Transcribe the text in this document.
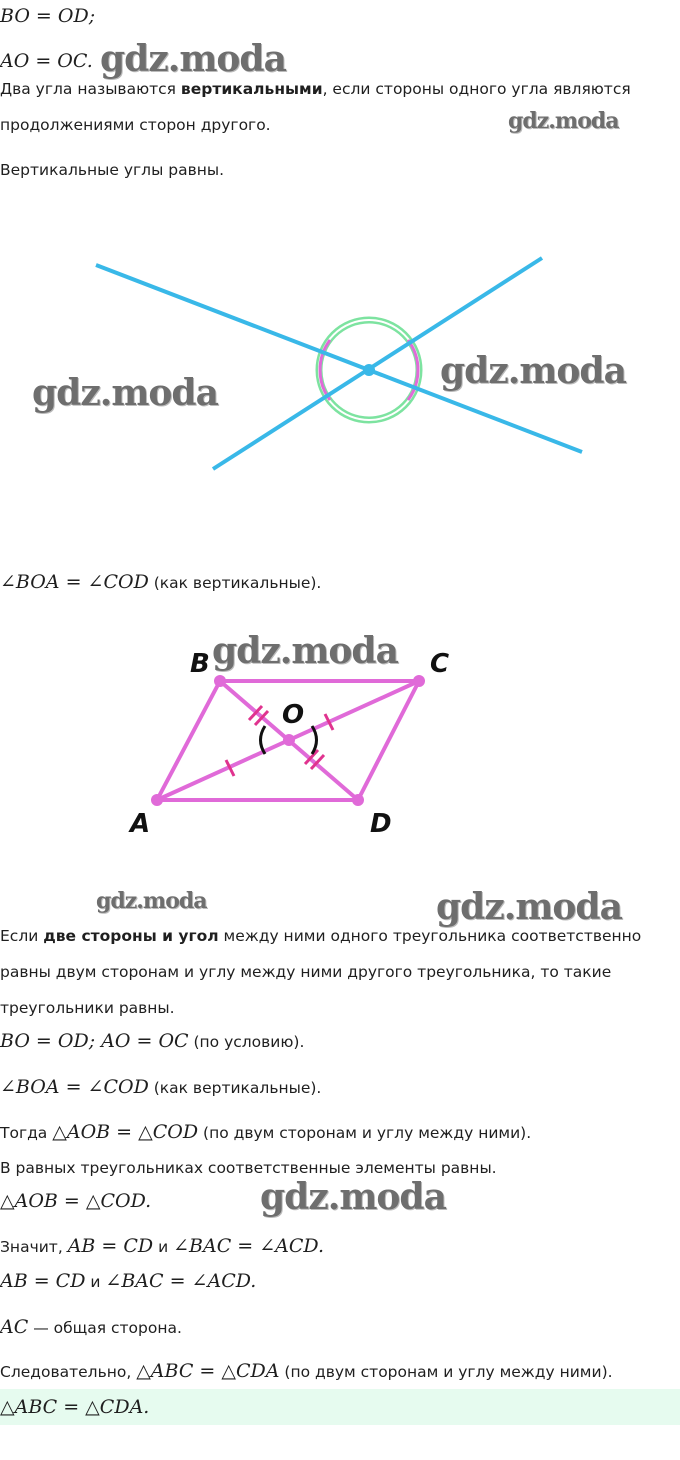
BO = OD;
AO = OC.
Два угла называются вертикальными, если стороны одного угла являются
продолжениями сторон другого.
Вертикальные углы равны.
∠BOA = ∠COD (как вертикальные).
B	C
O
A	D
Если две стороны и угол между ними одного треугольника соответственно
равны двум сторонам и углу между ними другого треугольника, то такие
треугольники равны.
BO = OD; AO = OC (по условию).
∠BOA = ∠COD (как вертикальные).
Тогда △AOB = △COD (по двум сторонам и углу между ними).
В равных треугольниках соответственные элементы равны.
△AOB = △COD.
Значит, AB = CD и ∠BAC = ∠ACD.
AB = CD и ∠BAC = ∠ACD.
AC — общая сторона.
Следовательно, △ABC = △CDA (по двум сторонам и углу между ними).
△ABC = △CDA.
gdz.moda
gdz.moda
gdz.moda
gdz.moda
gdz.moda
gdz.moda	gdz.moda
gdz.moda
